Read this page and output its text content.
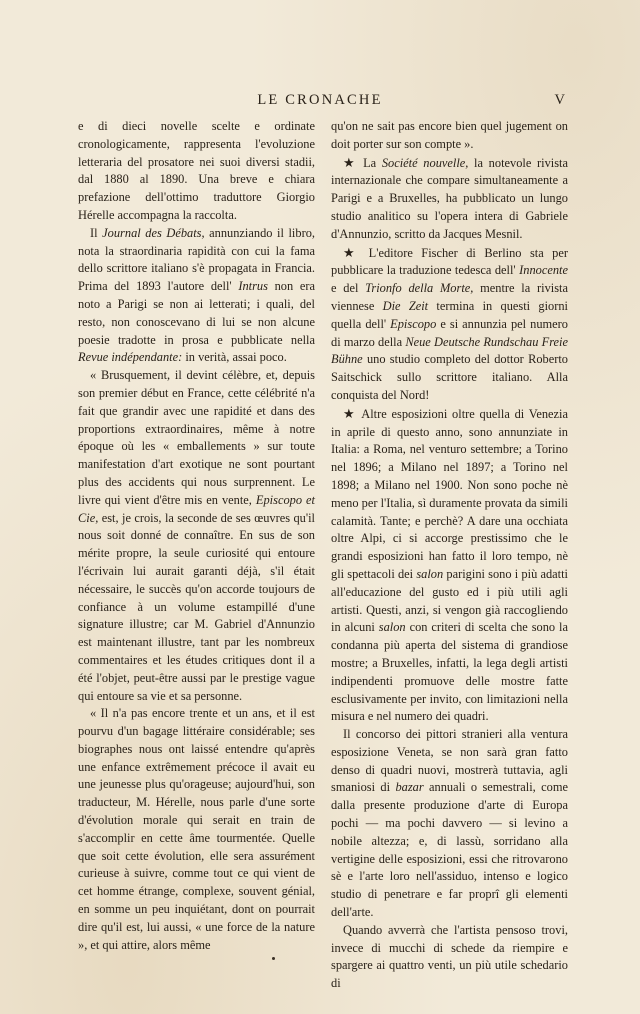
LE CRONACHE	V

e di dieci novelle scelte e ordinate cronologicamente, rappresenta l'evoluzione letteraria del prosatore nei suoi diversi stadii, dal 1880 al 1890. Una breve e chiara prefazione dell'ottimo traduttore Giorgio Hérelle accompagna la raccolta.

Il Journal des Débats, annunziando il libro, nota la straordinaria rapidità con cui la fama dello scrittore italiano s'è propagata in Francia. Prima del 1893 l'autore dell' Intrus non era noto a Parigi se non ai letterati; i quali, del resto, non conoscevano di lui se non alcune poesie tradotte in prosa e pubblicate nella Revue indépendante: in verità, assai poco.

« Brusquement, il devint célèbre, et, depuis son premier début en France, cette célébrité n'a fait que grandir avec une rapidité et dans des proportions extraordinaires, même à notre époque où les « emballements » sur toute manifestation d'art exotique ne sont pourtant plus des accidents qui nous surprennent. Le livre qui vient d'être mis en vente, Episcopo et Cie, est, je crois, la seconde de ses œuvres qu'il nous soit donné de connaître. En sus de son mérite propre, la seule curiosité qui entoure l'écrivain lui aurait garanti déjà, s'il était nécessaire, le succès qu'on accorde toujours de confiance à un volume estampillé d'une signature illustre; car M. Gabriel d'Annunzio est maintenant illustre, tant par les nombreux commentaires et les études critiques dont il a été l'objet, peut-être aussi par le prestige vague qui entoure sa vie et sa personne.

« Il n'a pas encore trente et un ans, et il est pourvu d'un bagage littéraire considérable; ses biographes nous ont laissé entendre qu'après une enfance extrêmement précoce il avait eu une jeunesse plus qu'orageuse; aujourd'hui, son traducteur, M. Hérelle, nous parle d'une sorte d'évolution morale qui serait en train de s'accomplir en cette âme tourmentée. Quelle que soit cette évolution, elle sera assurément curieuse à suivre, comme tout ce qui vient de cet homme étrange, complexe, souvent génial, en somme un peu inquiétant, dont on pourrait dire qu'il est, lui aussi, « une force de la nature », et qui attire, alors même

qu'on ne sait pas encore bien quel jugement on doit porter sur son compte ».

★ La Société nouvelle, la notevole rivista internazionale che compare simultaneamente a Parigi e a Bruxelles, ha pubblicato un lungo studio analitico su l'opera intera di Gabriele d'Annunzio, scritto da Jacques Mesnil.

★ L'editore Fischer di Berlino sta per pubblicare la traduzione tedesca dell' Innocente e del Trionfo della Morte, mentre la rivista viennese Die Zeit termina in questi giorni quella dell' Episcopo e si annunzia pel numero di marzo della Neue Deutsche Rundschau Freie Bühne uno studio completo del dottor Roberto Saitschick sullo scrittore italiano. Alla conquista del Nord!

★ Altre esposizioni oltre quella di Venezia in aprile di questo anno, sono annunziate in Italia: a Roma, nel venturo settembre; a Torino nel 1896; a Milano nel 1897; a Torino nel 1898; a Milano nel 1900. Non sono poche nè meno per l'Italia, sì duramente provata da simili calamità. Tante; e perchè? A dare una occhiata oltre Alpi, ci si accorge prestissimo che le grandi esposizioni han fatto il loro tempo, nè gli spettacoli dei salon parigini sono i più adatti all'educazione del gusto ed i più utili agli artisti. Questi, anzi, si vengon già raccogliendo in alcuni salon con criteri di scelta che sono la condanna più aperta del sistema di grandiose mostre; a Bruxelles, infatti, la lega degli artisti indipendenti promuove delle mostre fatte esclusivamente per invito, con limitazioni nella misura e nel numero dei quadri.

Il concorso dei pittori stranieri alla ventura esposizione Veneta, se non sarà gran fatto denso di quadri nuovi, mostrerà tuttavia, agli smaniosi di bazar annuali o semestrali, come dalla presente produzione d'arte di Europa pochi — ma pochi davvero — si levino a nobile altezza; e, di lassù, sorridano alla vertigine delle esposizioni, essi che ritrovarono sè e l'arte loro nell'assiduo, intenso e logico studio di penetrare e far proprî gli elementi dell'arte.

Quando avverrà che l'artista pensoso trovi, invece di mucchi di schede da riempire e spargere ai quattro venti, un più utile schedario di
